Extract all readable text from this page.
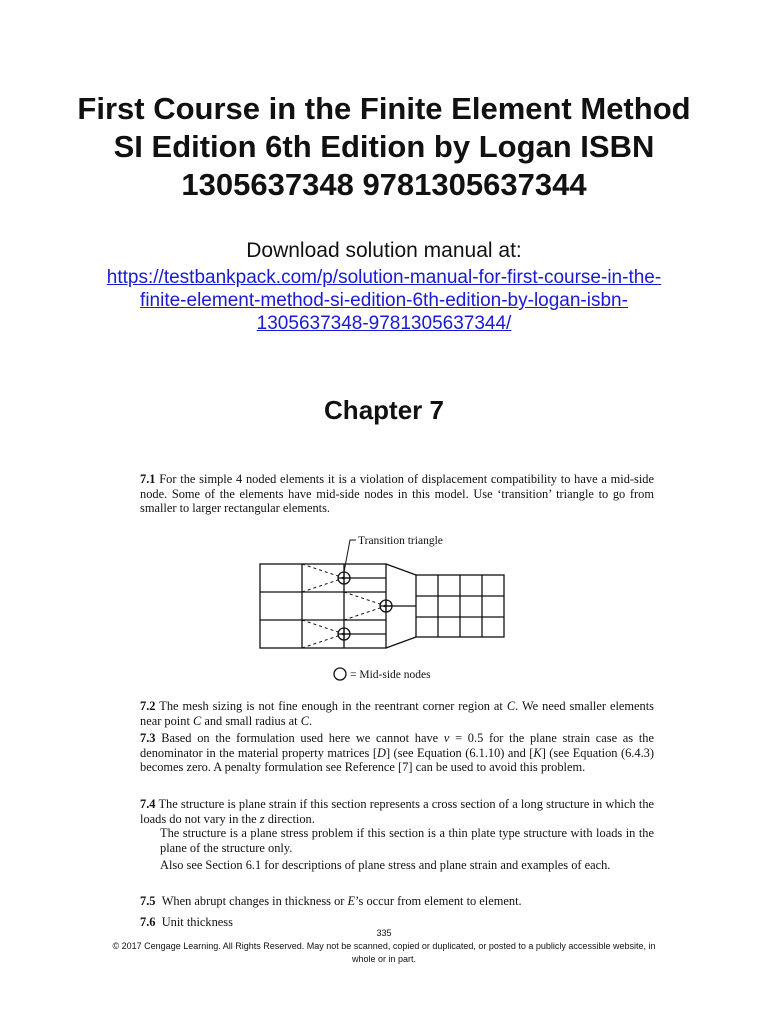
First Course in the Finite Element Method SI Edition 6th Edition by Logan ISBN 1305637348 9781305637344
Download solution manual at:
https://testbankpack.com/p/solution-manual-for-first-course-in-the-finite-element-method-si-edition-6th-edition-by-logan-isbn-1305637348-9781305637344/
Chapter 7

7.1 For the simple 4 noded elements it is a violation of displacement compatibility to have a mid-side node. Some of the elements have mid-side nodes in this model. Use ‘transition’ triangle to go from smaller to larger rectangular elements.

Transition triangle
= Mid-side nodes

7.2 The mesh sizing is not fine enough in the reentrant corner region at C. We need smaller elements near point C and small radius at C.

7.3 Based on the formulation used here we cannot have ν = 0.5 for the plane strain case as the denominator in the material property matrices [D] (see Equation (6.1.10) and [K] (see Equation (6.4.3) becomes zero. A penalty formulation see Reference [7] can be used to avoid this problem.

7.4 The structure is plane strain if this section represents a cross section of a long structure in which the loads do not vary in the z direction.

The structure is a plane stress problem if this section is a thin plate type structure with loads in the plane of the structure only.

Also see Section 6.1 for descriptions of plane stress and plane strain and examples of each.

7.5 When abrupt changes in thickness or E’s occur from element to element.

7.6 Unit thickness

335
© 2017 Cengage Learning. All Rights Reserved. May not be scanned, copied or duplicated, or posted to a publicly accessible website, in whole or in part.
